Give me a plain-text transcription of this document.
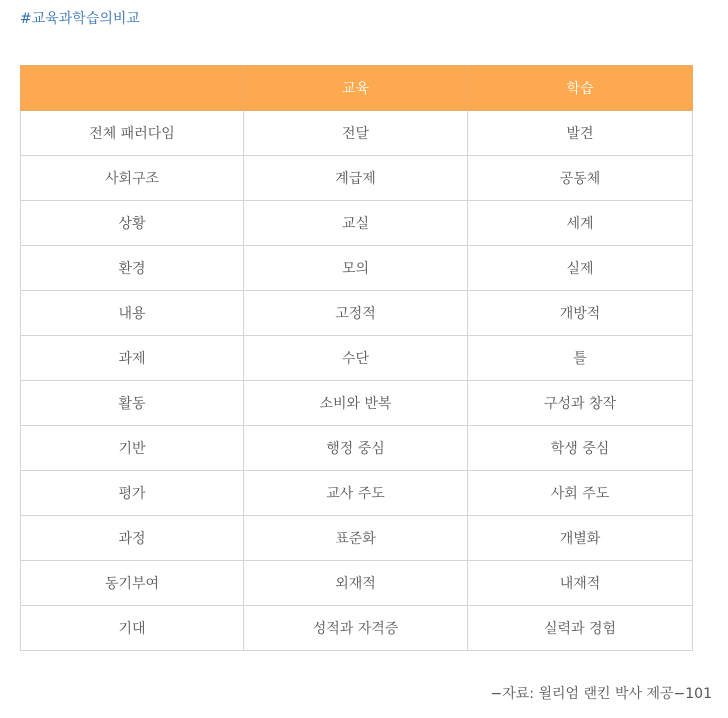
#교육과학습의비교
	교육	학습
전체 패러다임	전달	발견
사회구조	계급제	공동체
상황	교실	세계
환경	모의	실제
내용	고정적	개방적
과제	수단	틀
활동	소비와 반복	구성과 창작
기반	행정 중심	학생 중심
평가	교사 주도	사회 주도
과정	표준화	개별화
동기부여	외재적	내재적
기대	성적과 자격증	실력과 경험
−자료: 윌리엄 랜킨 박사 제공−101
